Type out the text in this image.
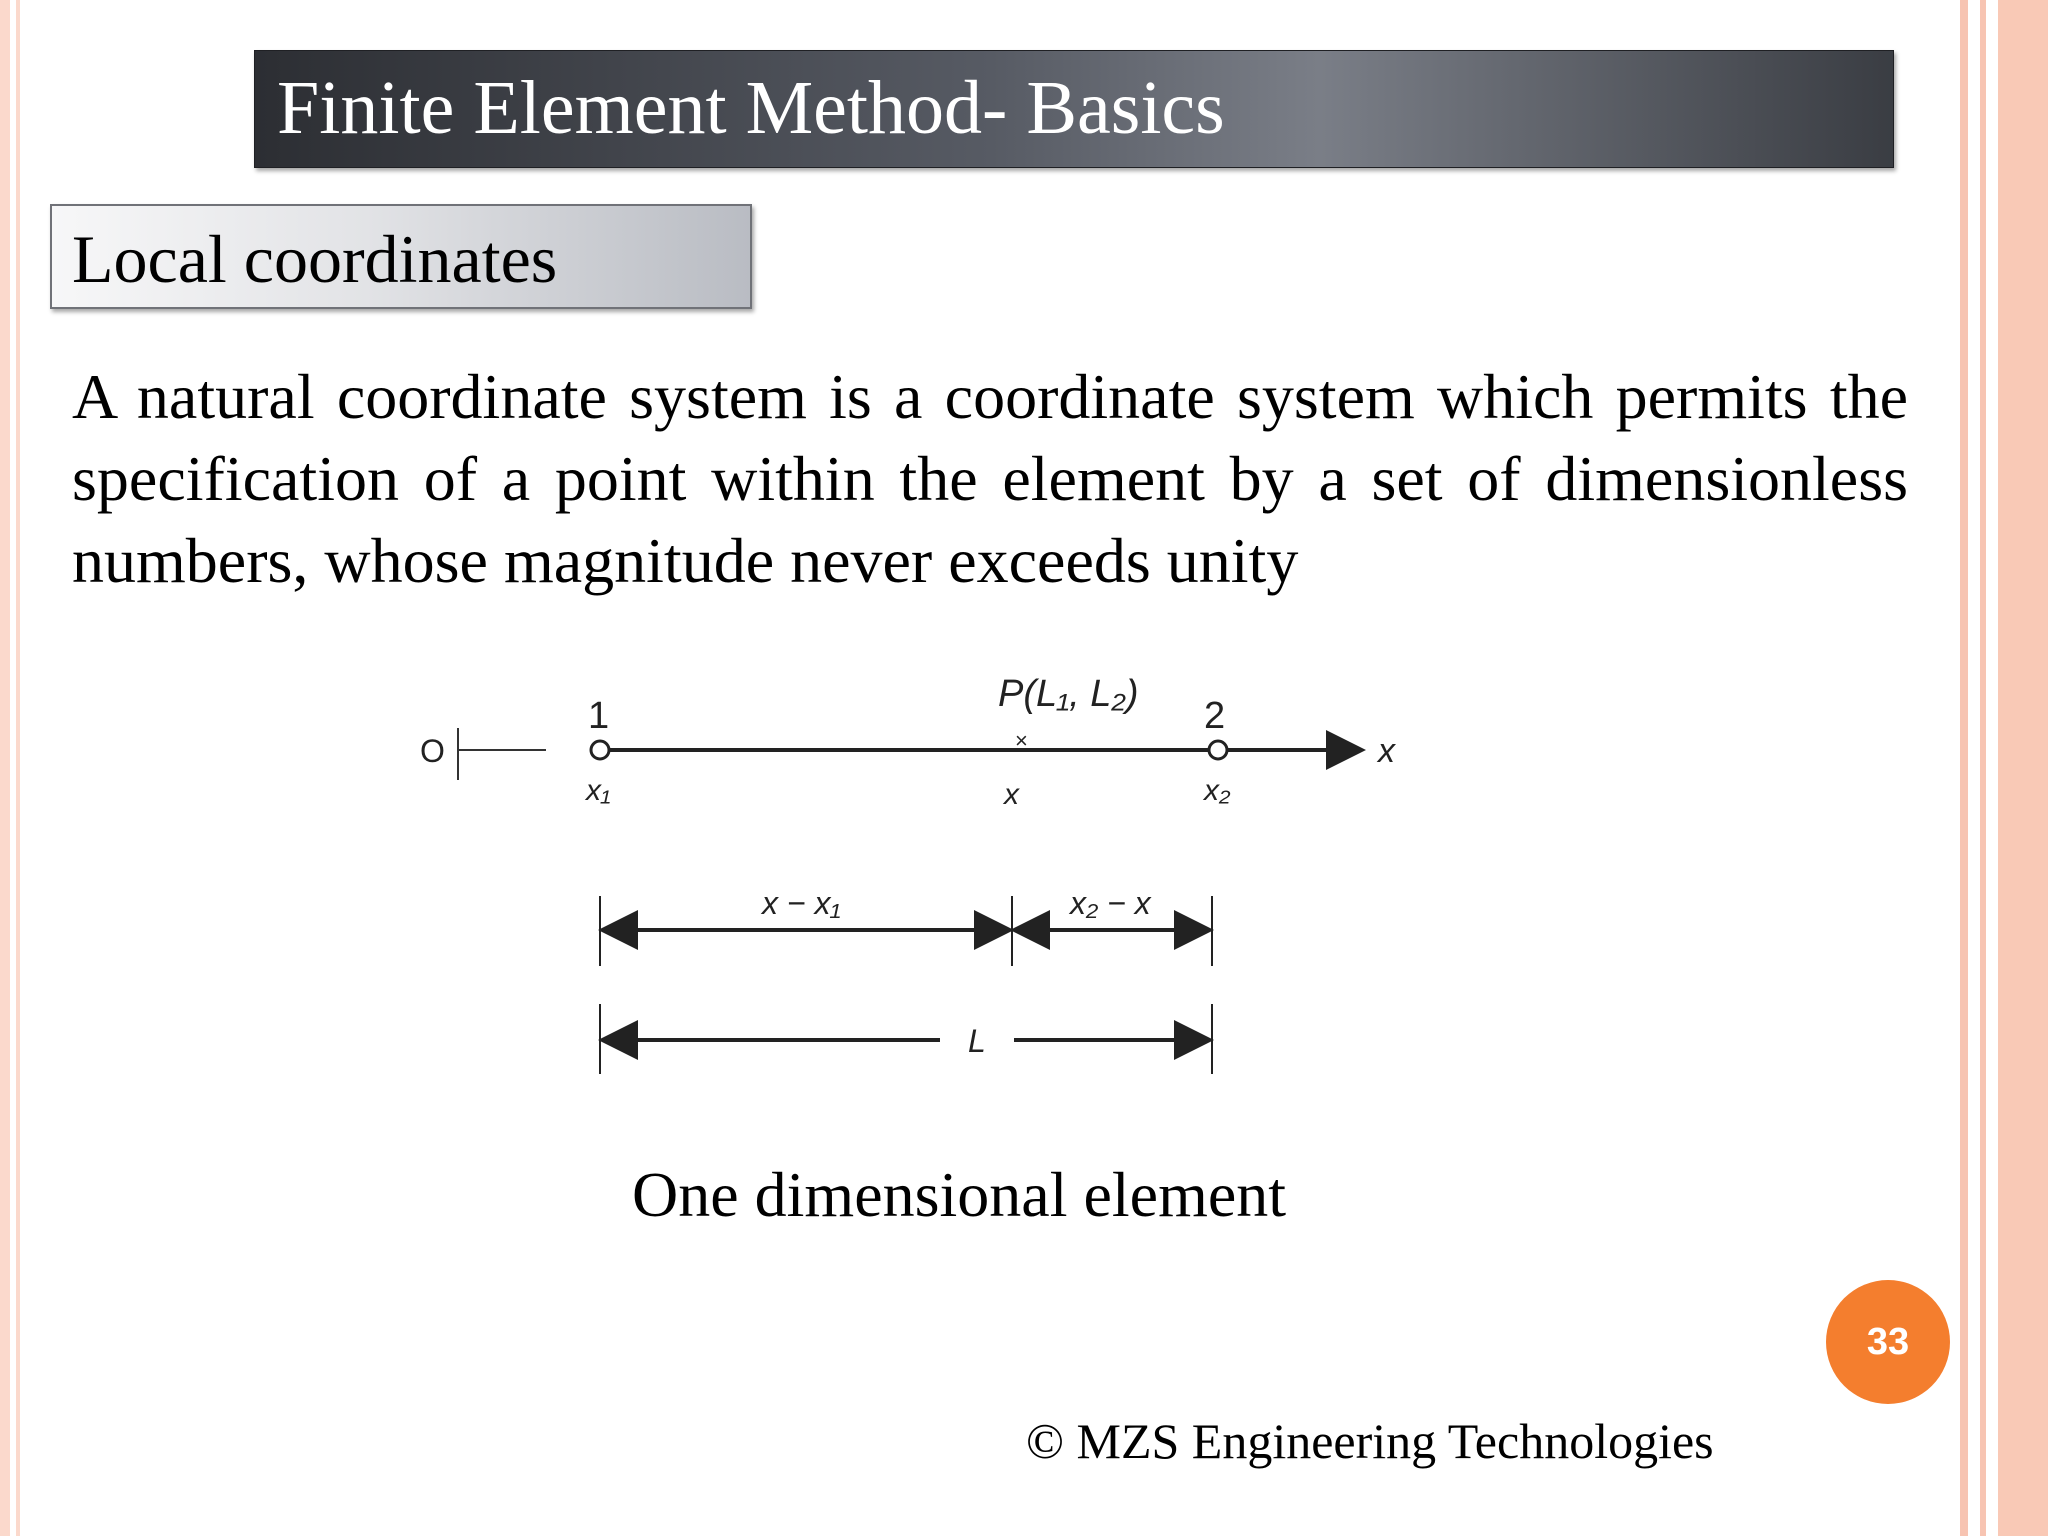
Finite Element Method- Basics
Local coordinates
A natural coordinate system is a coordinate system which permits the specification of a point within the element by a set of dimensionless numbers, whose magnitude never exceeds unity
O	×
1	2
P(L₁, L₂)
x
x₁	x	x₂
x − x₁	x₂ − x
L
One dimensional element
33
© MZS Engineering Technologies
